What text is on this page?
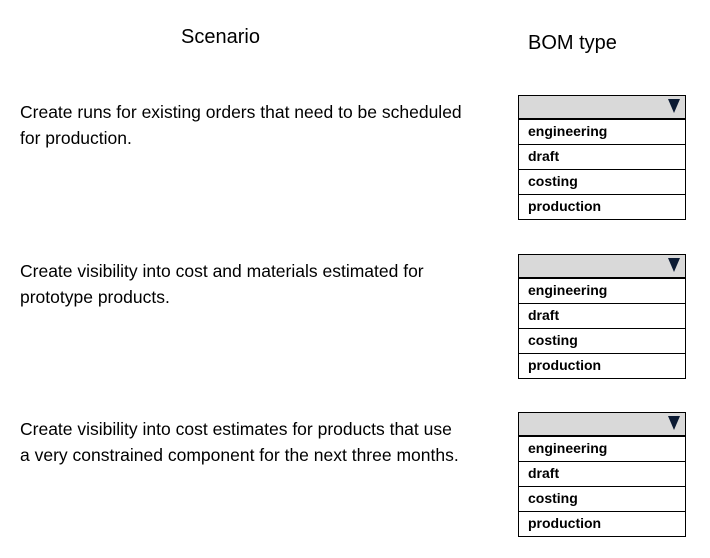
Scenario	BOM type
Create runs for existing orders that need to be scheduled
for production.	engineering
draft
costing
production
Create visibility into cost and materials estimated for
prototype products.	engineering
draft
costing
production
Create visibility into cost estimates for products that use
a very constrained component for the next three months.	engineering
draft
costing
production
